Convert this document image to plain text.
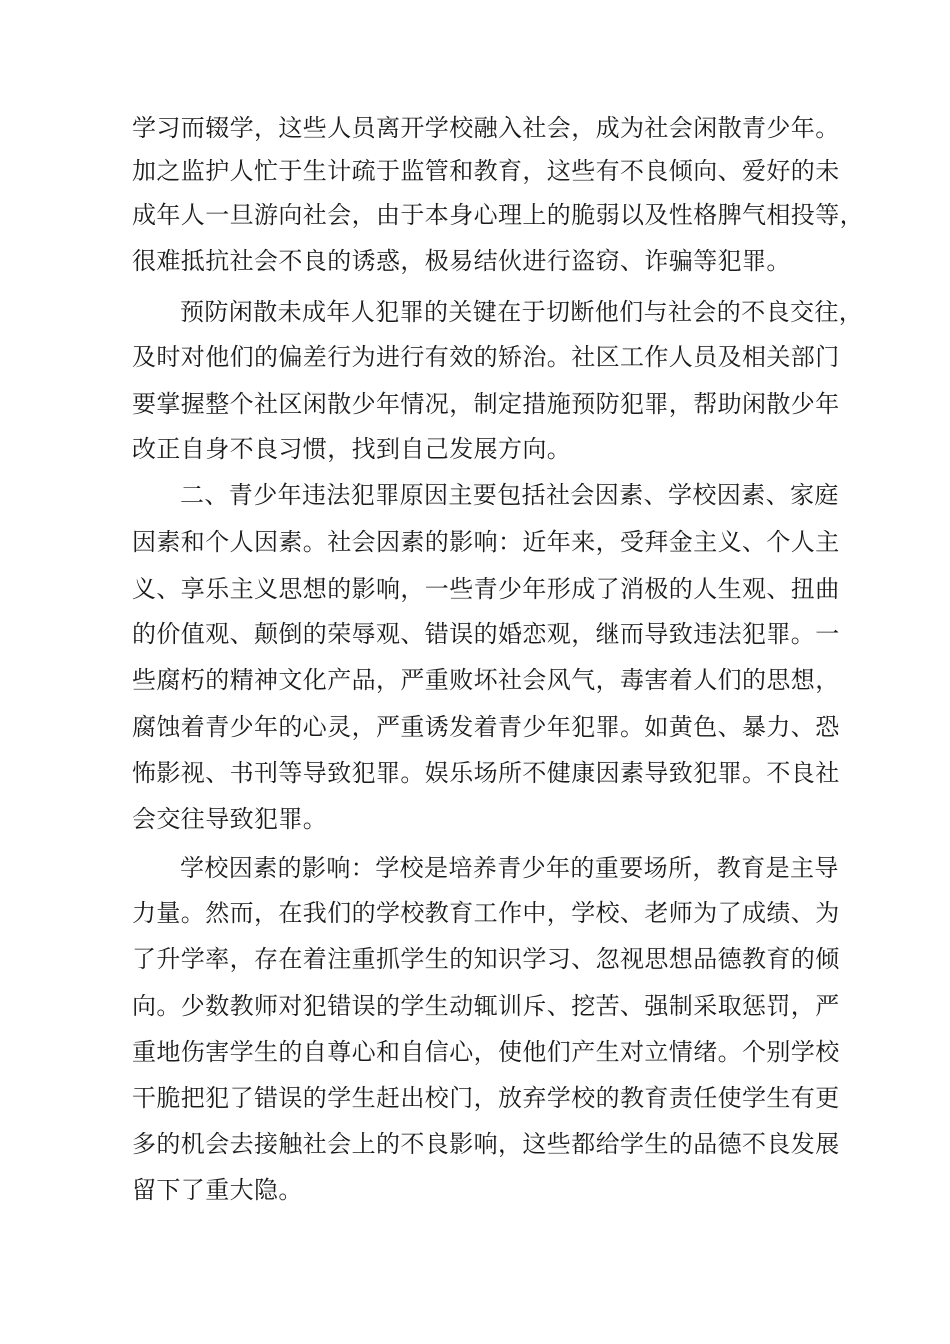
学习而辍学，这些人员离开学校融入社会，成为社会闲散青少年。
加之监护人忙于生计疏于监管和教育，这些有不良倾向、爱好的未
成年人一旦游向社会，由于本身心理上的脆弱以及性格脾气相投等，
很难抵抗社会不良的诱惑，极易结伙进行盗窃、诈骗等犯罪。
预防闲散未成年人犯罪的关键在于切断他们与社会的不良交往，
及时对他们的偏差行为进行有效的矫治。社区工作人员及相关部门
要掌握整个社区闲散少年情况，制定措施预防犯罪，帮助闲散少年
改正自身不良习惯，找到自己发展方向。
二、青少年违法犯罪原因主要包括社会因素、学校因素、家庭
因素和个人因素。社会因素的影响：近年来，受拜金主义、个人主
义、享乐主义思想的影响，一些青少年形成了消极的人生观、扭曲
的价值观、颠倒的荣辱观、错误的婚恋观，继而导致违法犯罪。一
些腐朽的精神文化产品，严重败坏社会风气，毒害着人们的思想，
腐蚀着青少年的心灵，严重诱发着青少年犯罪。如黄色、暴力、恐
怖影视、书刊等导致犯罪。娱乐场所不健康因素导致犯罪。不良社
会交往导致犯罪。
学校因素的影响：学校是培养青少年的重要场所，教育是主导
力量。然而，在我们的学校教育工作中，学校、老师为了成绩、为
了升学率，存在着注重抓学生的知识学习、忽视思想品德教育的倾
向。少数教师对犯错误的学生动辄训斥、挖苦、强制采取惩罚，严
重地伤害学生的自尊心和自信心，使他们产生对立情绪。个别学校
干脆把犯了错误的学生赶出校门，放弃学校的教育责任使学生有更
多的机会去接触社会上的不良影响，这些都给学生的品德不良发展
留下了重大隐。
